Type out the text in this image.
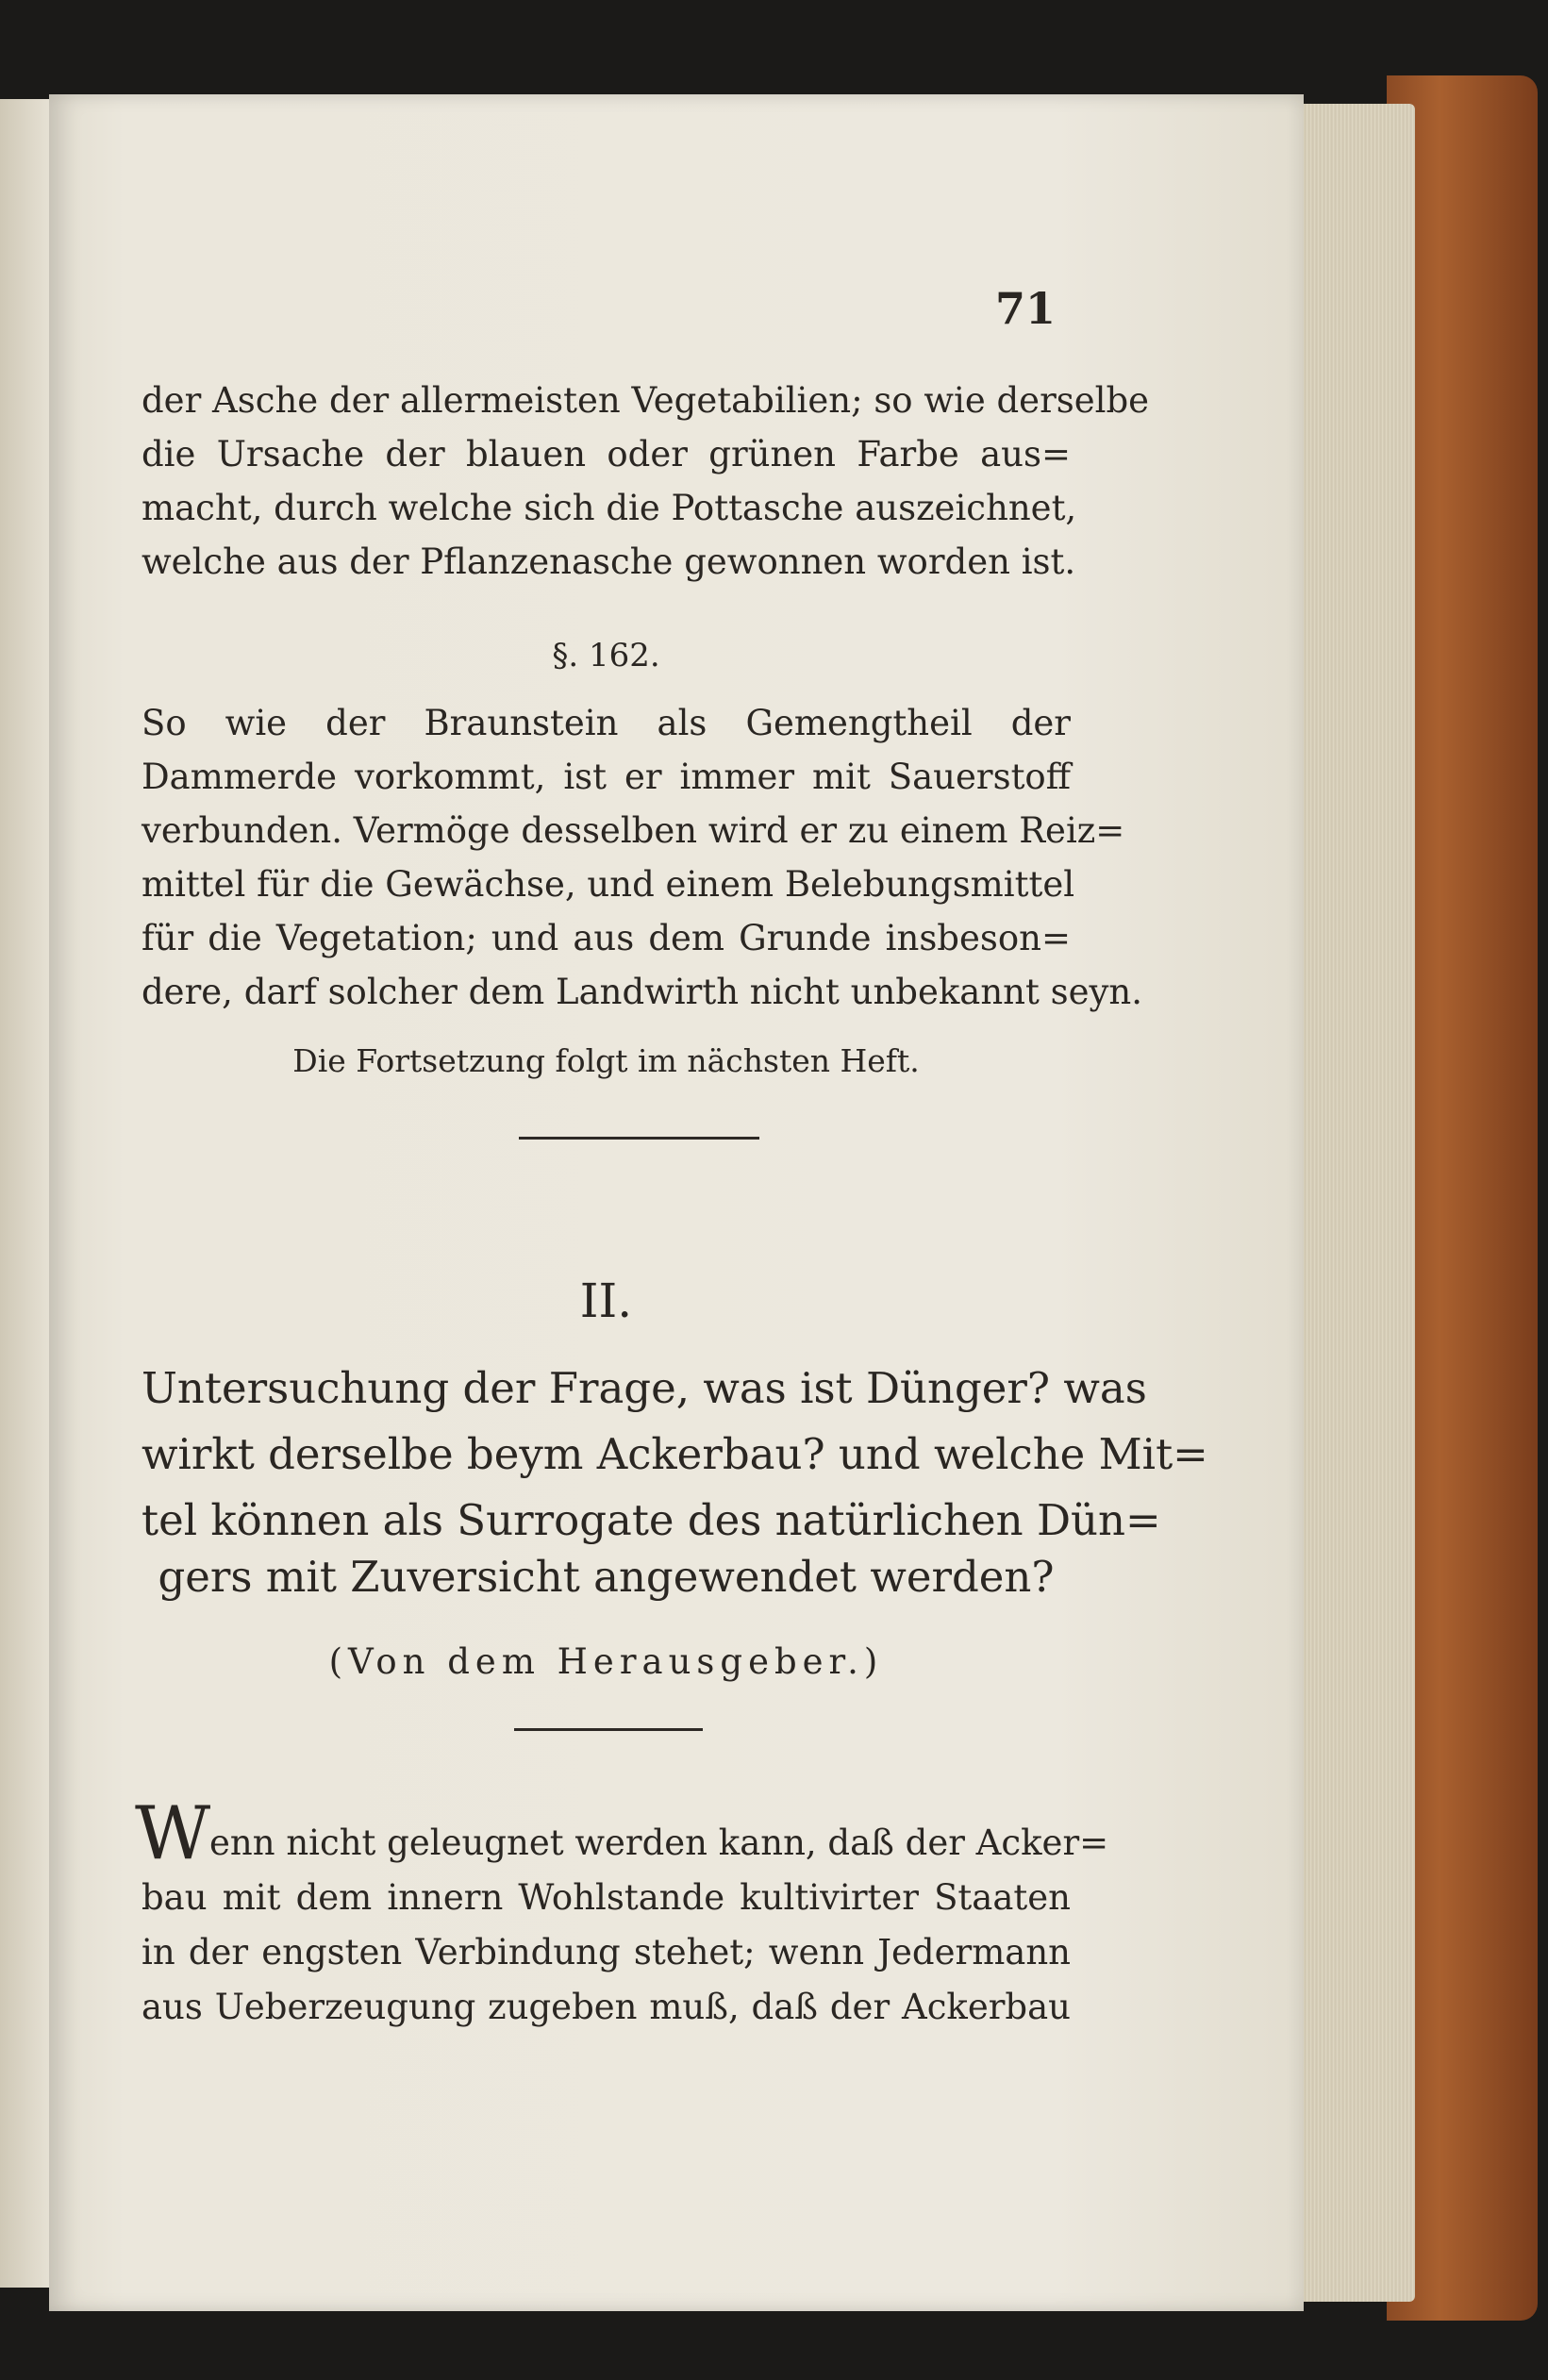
71
der Asche der allermeisten Vegetabilien; so wie derselbe
die Ursache der blauen oder grünen Farbe aus=
macht, durch welche sich die Pottasche auszeichnet,
welche aus der Pflanzenasche gewonnen worden ist.
§. 162.
So wie der Braunstein als Gemengtheil der
Dammerde vorkommt, ist er immer mit Sauerstoff
verbunden. Vermöge desselben wird er zu einem Reiz=
mittel für die Gewächse, und einem Belebungsmittel
für die Vegetation; und aus dem Grunde insbeson=
dere, darf solcher dem Landwirth nicht unbekannt seyn.
Die Fortsetzung folgt im nächsten Heft.
II.
Untersuchung der Frage, was ist Dünger? was
wirkt derselbe beym Ackerbau? und welche Mit=
tel können als Surrogate des natürlichen Dün=
gers mit Zuversicht angewendet werden?
(Von dem Herausgeber.)
W
enn nicht geleugnet werden kann, daß der Acker=
bau mit dem innern Wohlstande kultivirter Staaten
in der engsten Verbindung stehet; wenn Jedermann
aus Ueberzeugung zugeben muß, daß der Ackerbau
